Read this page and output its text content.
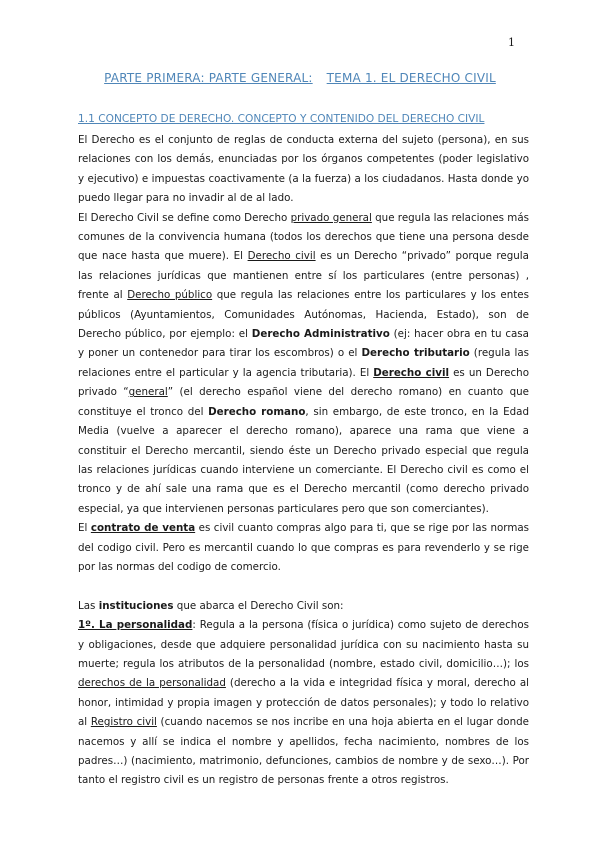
1
PARTE PRIMERA: PARTE GENERAL: TEMA 1. EL DERECHO CIVIL
1.1 CONCEPTO DE DERECHO. CONCEPTO Y CONTENIDO DEL DERECHO CIVIL

El Derecho es el conjunto de reglas de conducta externa del sujeto (persona), en sus relaciones con los demás, enunciadas por los órganos competentes (poder legislativo y ejecutivo) e impuestas coactivamente (a la fuerza) a los ciudadanos. Hasta donde yo puedo llegar para no invadir al de al lado.

El Derecho Civil se define como Derecho privado general que regula las relaciones más comunes de la convivencia humana (todos los derechos que tiene una persona desde que nace hasta que muere). El Derecho civil es un Derecho “privado” porque regula las relaciones jurídicas que mantienen entre sí los particulares (entre personas) , frente al Derecho público que regula las relaciones entre los particulares y los entes públicos (Ayuntamientos, Comunidades Autónomas, Hacienda, Estado), son de Derecho público, por ejemplo: el Derecho Administrativo (ej: hacer obra en tu casa y poner un contenedor para tirar los escombros) o el Derecho tributario (regula las relaciones entre el particular y la agencia tributaria). El Derecho civil es un Derecho privado “general” (el derecho español viene del derecho romano) en cuanto que constituye el tronco del Derecho romano, sin embargo, de este tronco, en la Edad Media (vuelve a aparecer el derecho romano), aparece una rama que viene a constituir el Derecho mercantil, siendo éste un Derecho privado especial que regula las relaciones jurídicas cuando interviene un comerciante. El Derecho civil es como el tronco y de ahí sale una rama que es el Derecho mercantil (como derecho privado especial, ya que intervienen personas particulares pero que son comerciantes).

El contrato de venta es civil cuanto compras algo para ti, que se rige por las normas del codigo civil. Pero es mercantil cuando lo que compras es para revenderlo y se rige por las normas del codigo de comercio.

Las instituciones que abarca el Derecho Civil son:

1º. La personalidad: Regula a la persona (física o jurídica) como sujeto de derechos y obligaciones, desde que adquiere personalidad jurídica con su nacimiento hasta su muerte; regula los atributos de la personalidad (nombre, estado civil, domicilio…); los derechos de la personalidad (derecho a la vida e integridad física y moral, derecho al honor, intimidad y propia imagen y protección de datos personales); y todo lo relativo al Registro civil (cuando nacemos se nos incribe en una hoja abierta en el lugar donde nacemos y allí se indica el nombre y apellidos, fecha nacimiento, nombres de los padres…) (nacimiento, matrimonio, defunciones, cambios de nombre y de sexo…). Por tanto el registro civil es un registro de personas frente a otros registros.
